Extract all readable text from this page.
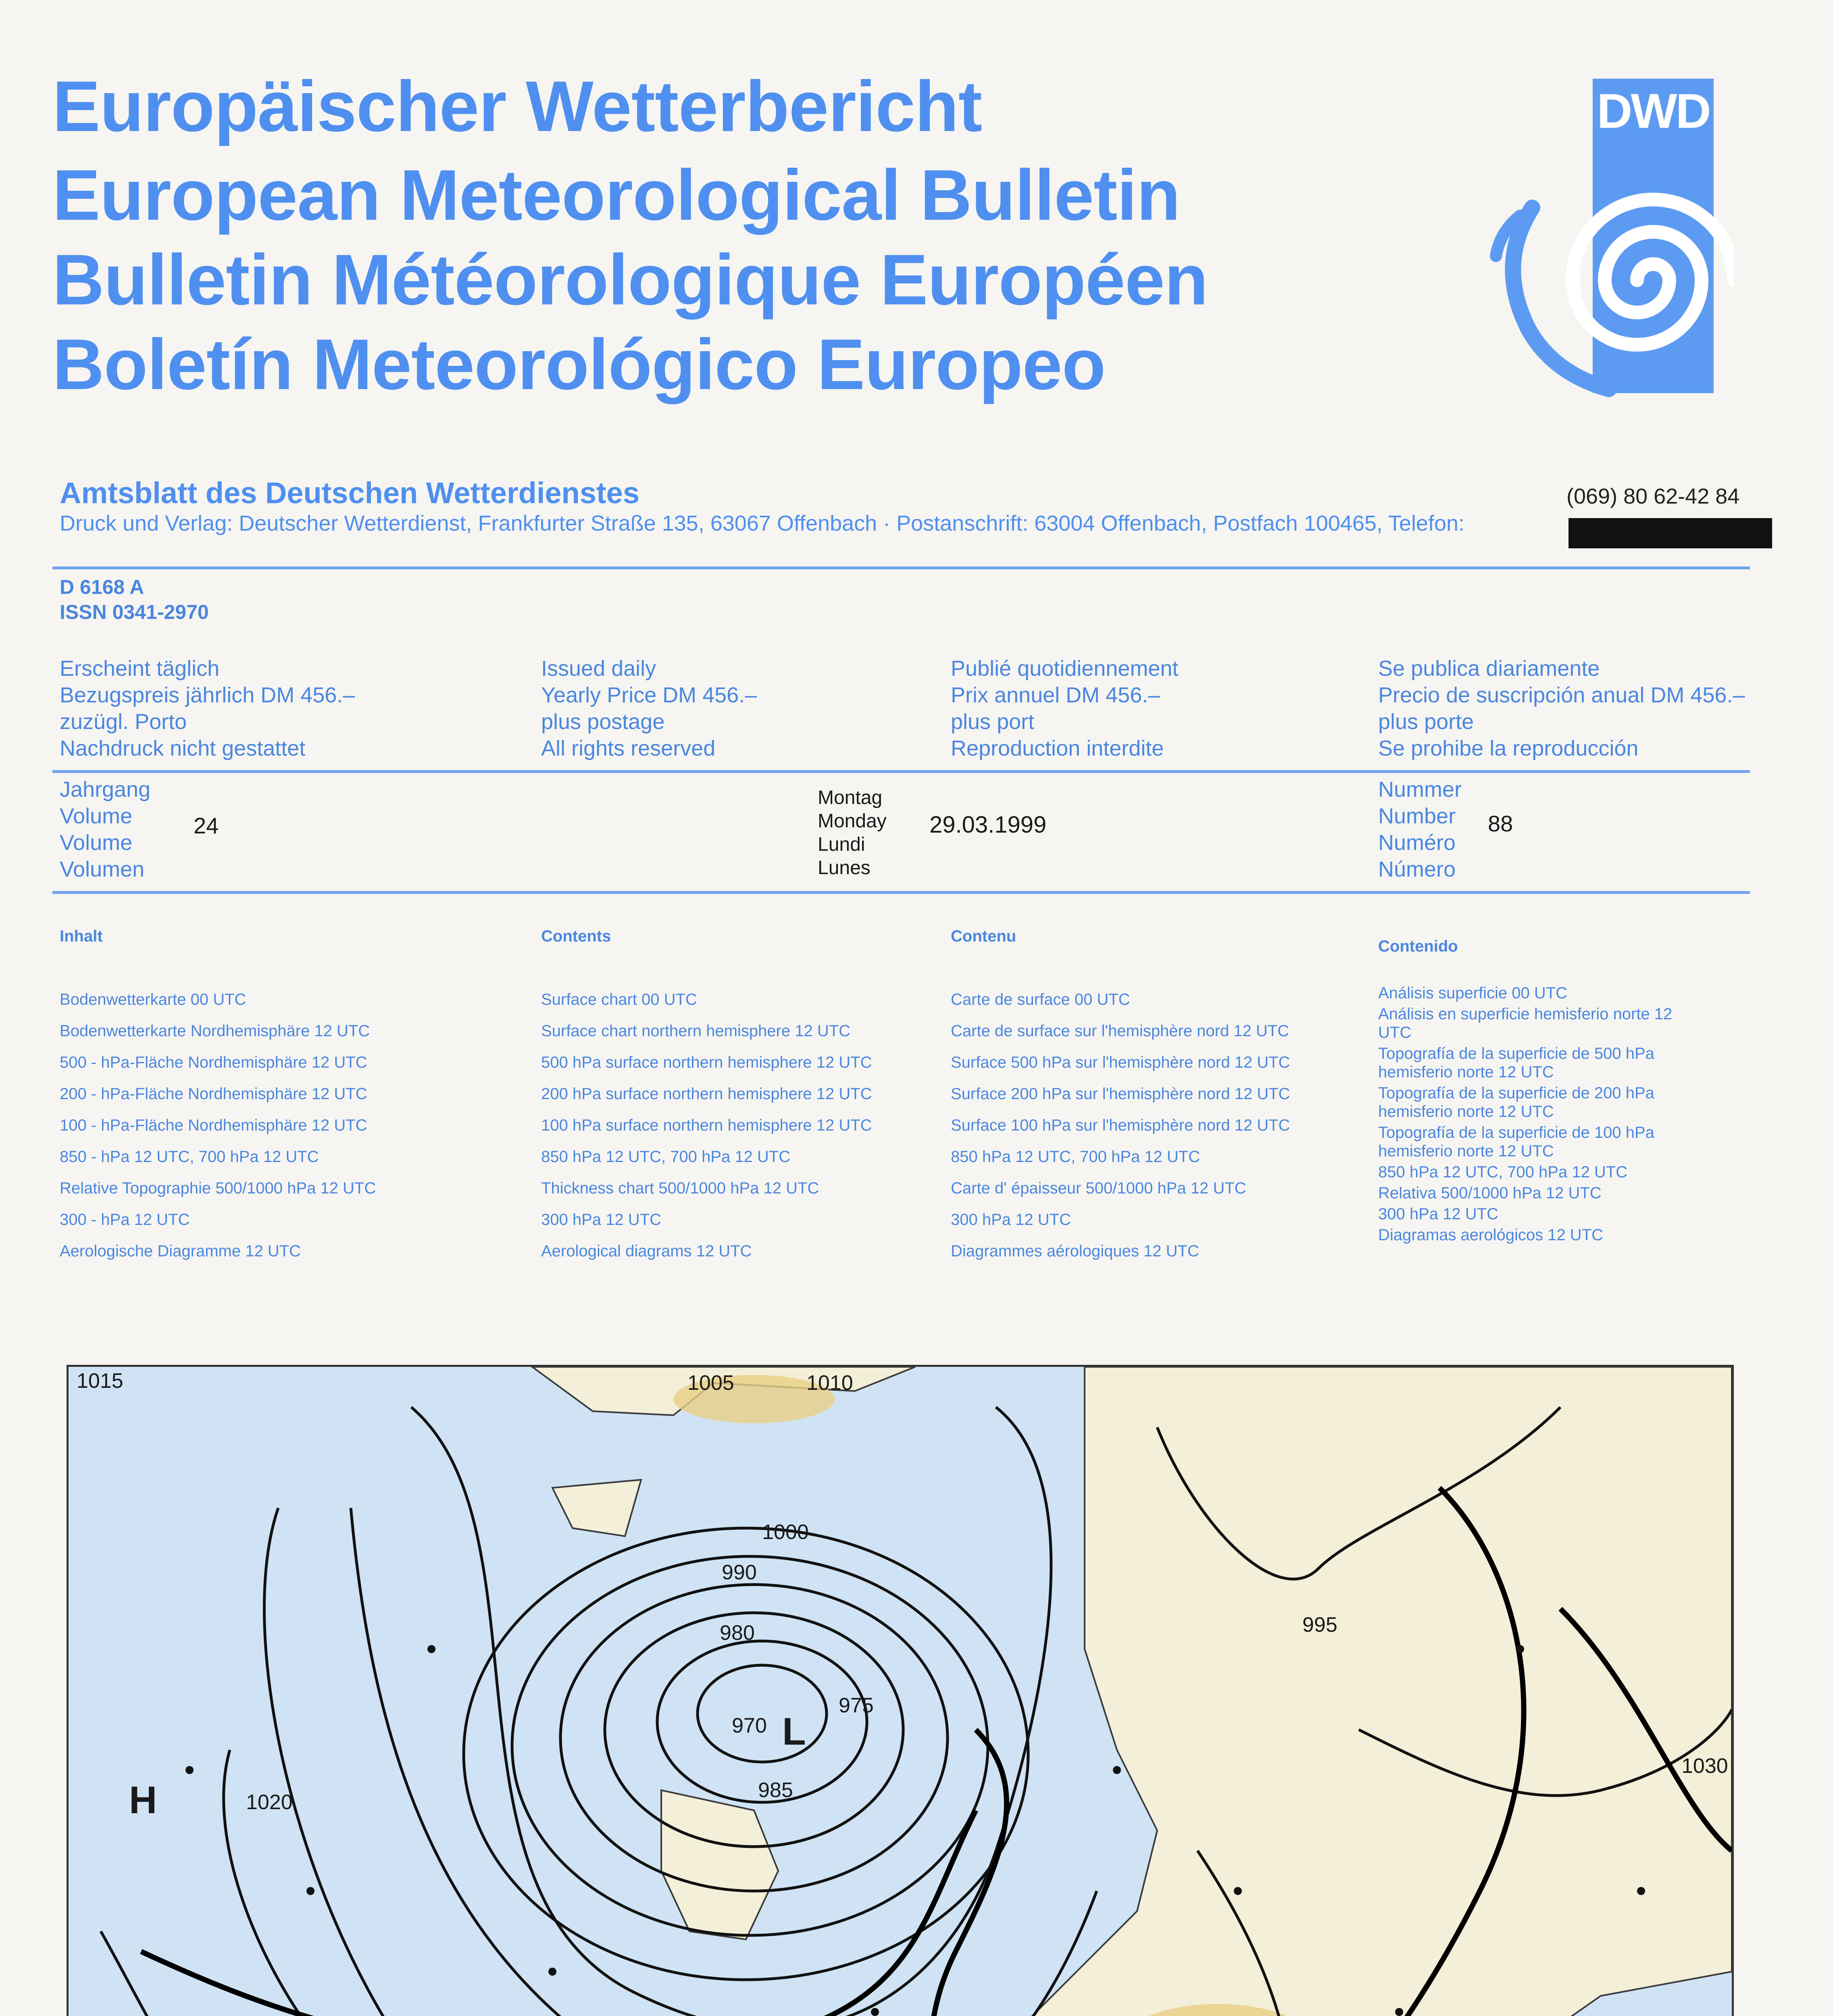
Europäischer Wetterbericht
European Meteorological Bulletin
Bulletin Météorologique Européen
Boletín Meteorológico Europeo
DWD
Amtsblatt des Deutschen Wetterdienstes	(069) 80 62-42 84
Druck und Verlag: Deutscher Wetterdienst, Frankfurter Straße 135, 63067 Offenbach · Postanschrift: 63004 Offenbach, Postfach 100465, Telefon:
D 6168 A
ISSN 0341-2970
Erscheint täglich
Bezugspreis jährlich DM 456.–
zuzügl. Porto
Nachdruck nicht gestattet
Issued daily
Yearly Price DM 456.–
plus postage
All rights reserved
Publié quotidiennement
Prix annuel DM 456.–
plus port
Reproduction interdite
Se publica diariamente
Precio de suscripción anual DM 456.–
plus porte
Se prohibe la reproducción
Jahrgang
Volume
Volume
Volumen
24
Montag
Monday
Lundi
Lunes
29.03.1999
Nummer
Number
Numéro
Número
88
Inhalt
Bodenwetterkarte 00 UTC
Bodenwetterkarte Nordhemisphäre 12 UTC
500 - hPa-Fläche Nordhemisphäre 12 UTC
200 - hPa-Fläche Nordhemisphäre 12 UTC
100 - hPa-Fläche Nordhemisphäre 12 UTC
850 - hPa 12 UTC, 700 hPa 12 UTC
Relative Topographie 500/1000 hPa 12 UTC
300 - hPa 12 UTC
Aerologische Diagramme 12 UTC
Contents
Surface chart 00 UTC
Surface chart northern hemisphere 12 UTC
500 hPa surface northern hemisphere 12 UTC
200 hPa surface northern hemisphere 12 UTC
100 hPa surface northern hemisphere 12 UTC
850 hPa 12 UTC, 700 hPa 12 UTC
Thickness chart 500/1000 hPa 12 UTC
300 hPa 12 UTC
Aerological diagrams 12 UTC
Contenu
Carte de surface 00 UTC
Carte de surface sur l'hemisphère nord 12 UTC
Surface 500 hPa sur l'hemisphère nord 12 UTC
Surface 200 hPa sur l'hemisphère nord 12 UTC
Surface 100 hPa sur l'hemisphère nord 12 UTC
850 hPa 12 UTC, 700 hPa 12 UTC
Carte d' épaisseur 500/1000 hPa 12 UTC
300 hPa 12 UTC
Diagrammes aérologiques 12 UTC
Contenido
Análisis superficie 00 UTC
Análisis en superficie hemisferio norte 12 UTC
Topografía de la superficie de 500 hPa hemisferio norte 12 UTC
Topografía de la superficie de 200 hPa hemisferio norte 12 UTC
Topografía de la superficie de 100 hPa hemisferio norte 12 UTC
850 hPa 12 UTC, 700 hPa 12 UTC
Relativa 500/1000 hPa 12 UTC
300 hPa 12 UTC
Diagramas aerológicos 12 UTC
1015	1010
1005
1000
995
990
985
980
975
970
1020
1030
L
H
